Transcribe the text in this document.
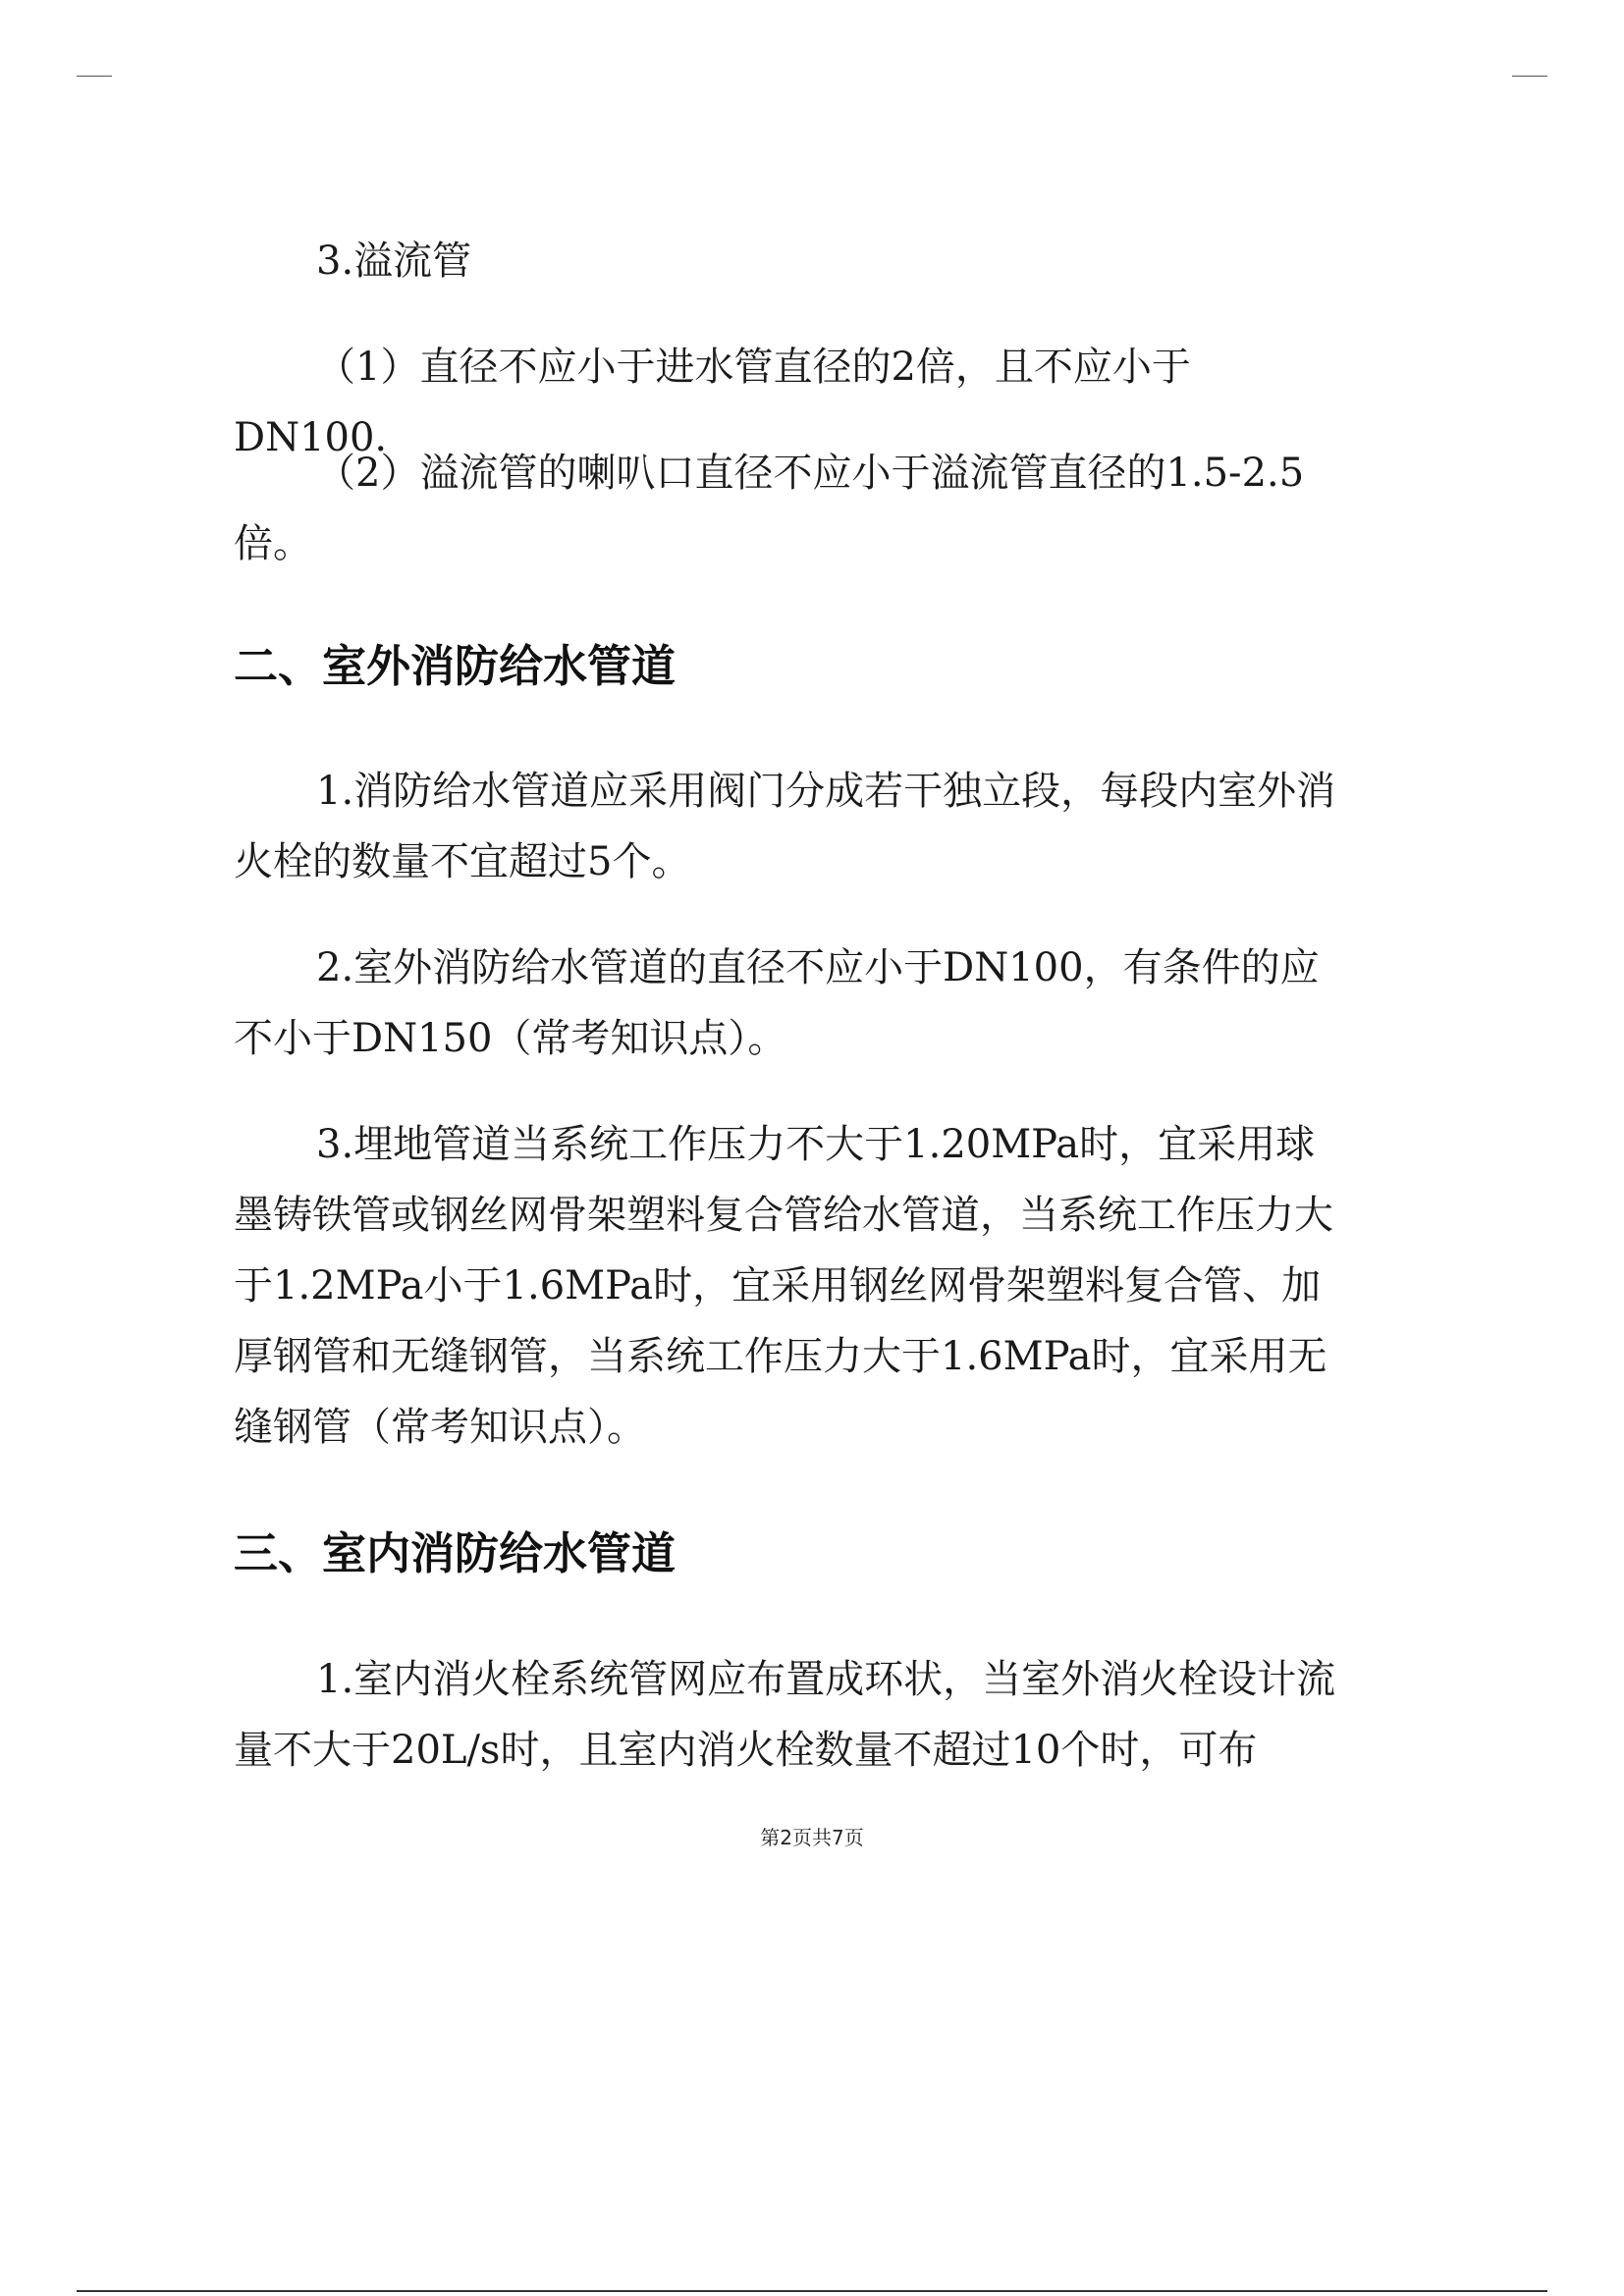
3.溢流管

（1）直径不应小于进水管直径的2倍，且不应小于DN100.

（2）溢流管的喇叭口直径不应小于溢流管直径的1.5-2.5倍。

二、室外消防给水管道

1.消防给水管道应采用阀门分成若干独立段，每段内室外消火栓的数量不宜超过5个。

2.室外消防给水管道的直径不应小于DN100，有条件的应不小于DN150（常考知识点）。

3.埋地管道当系统工作压力不大于1.20MPa时，宜采用球墨铸铁管或钢丝网骨架塑料复合管给水管道，当系统工作压力大于1.2MPa小于1.6MPa时，宜采用钢丝网骨架塑料复合管、加厚钢管和无缝钢管，当系统工作压力大于1.6MPa时，宜采用无缝钢管（常考知识点）。

三、室内消防给水管道

1.室内消火栓系统管网应布置成环状，当室外消火栓设计流量不大于20L/s时，且室内消火栓数量不超过10个时，可布

第2页共7页
